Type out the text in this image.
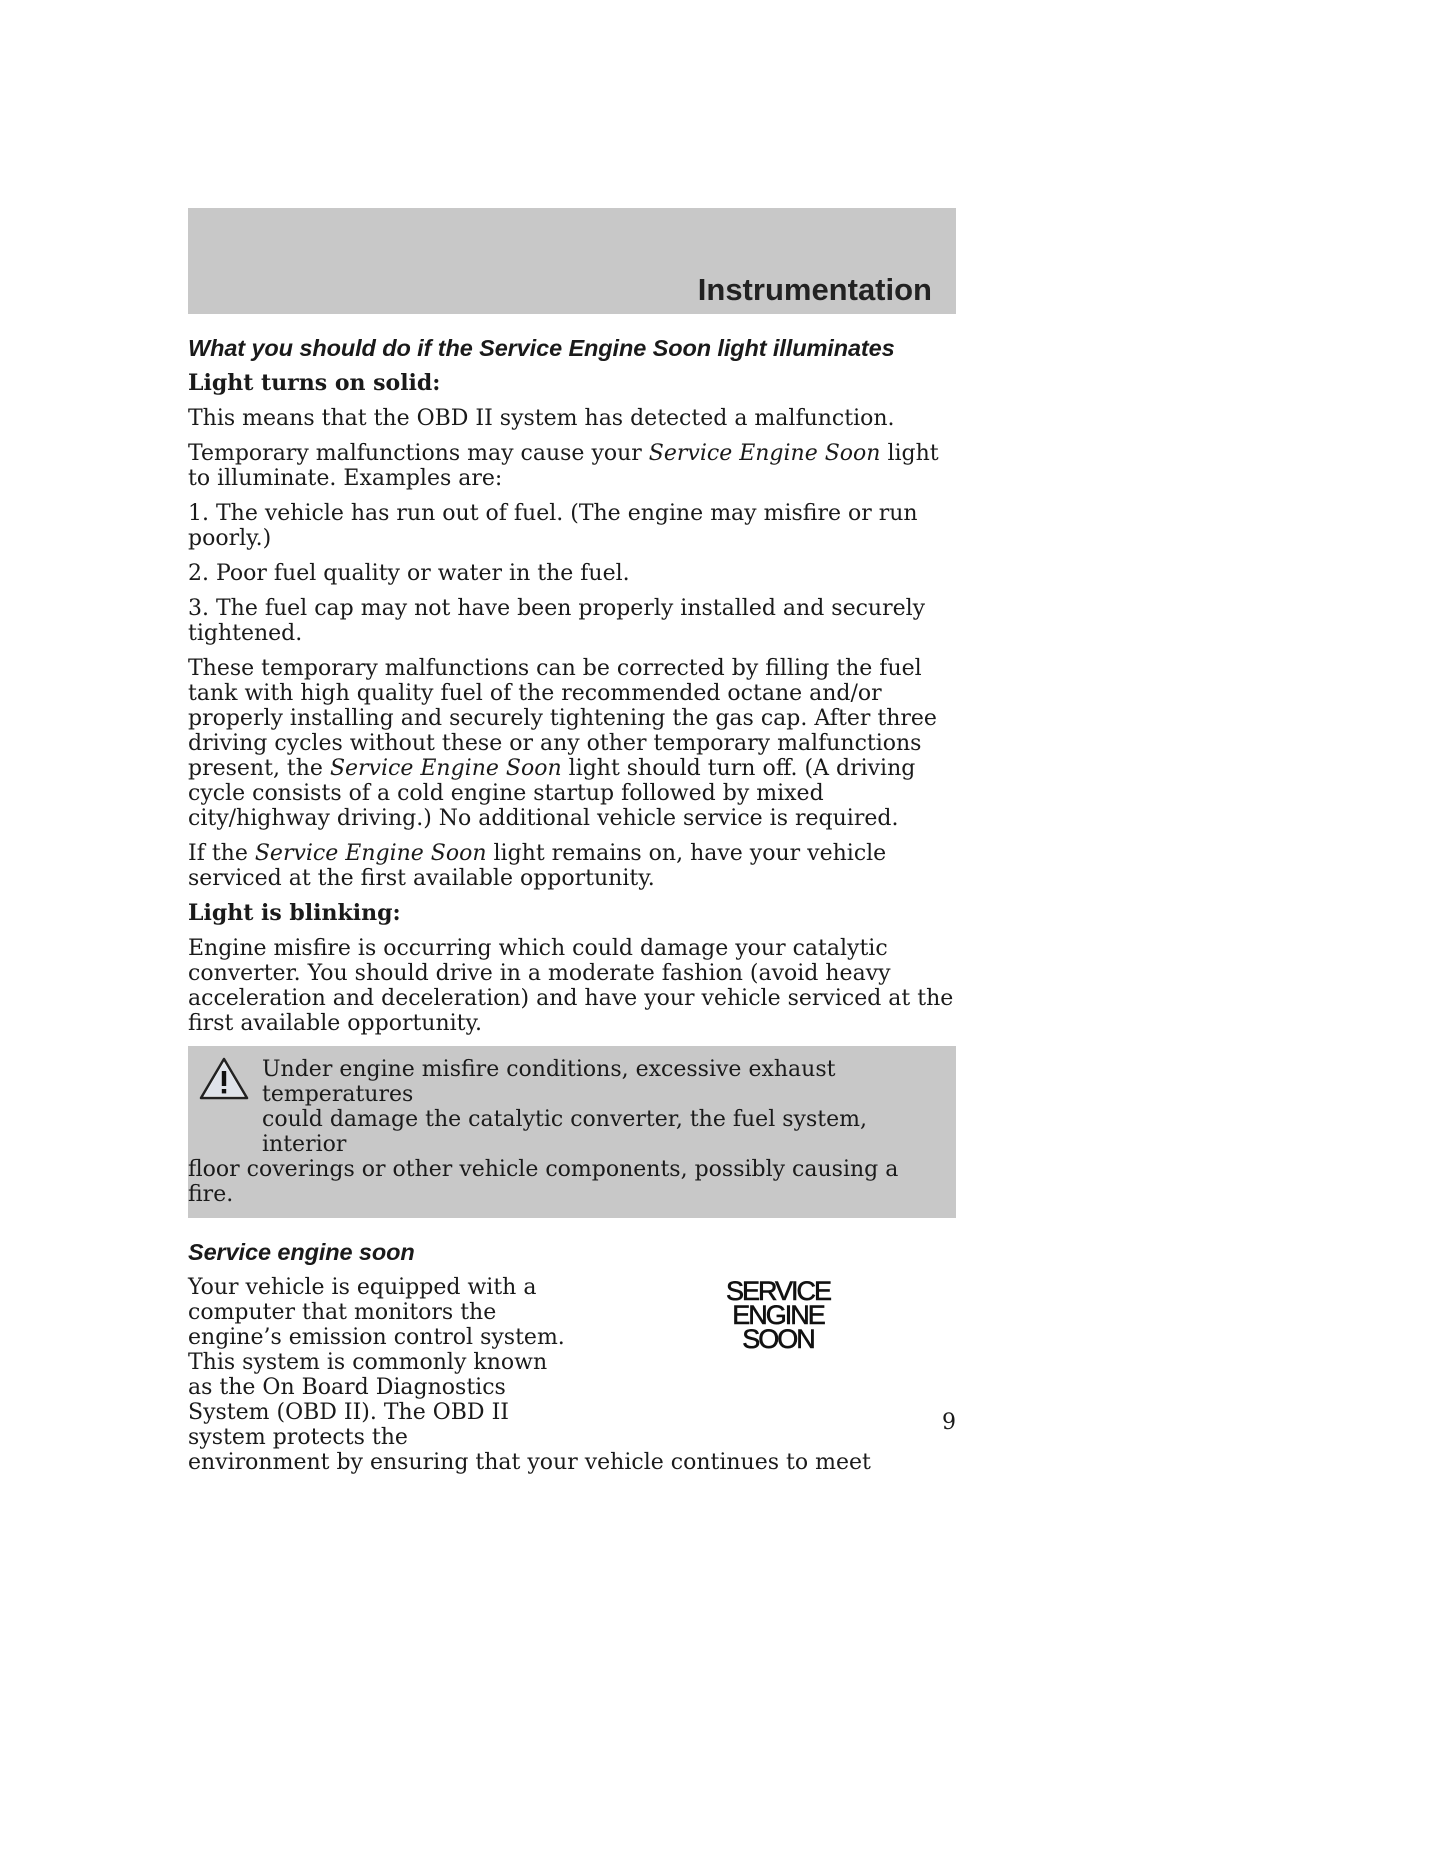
Instrumentation
What you should do if the Service Engine Soon light illuminates

Light turns on solid:

This means that the OBD II system has detected a malfunction.

Temporary malfunctions may cause your Service Engine Soon light to illuminate. Examples are:

1. The vehicle has run out of fuel. (The engine may misfire or run poorly.)

2. Poor fuel quality or water in the fuel.

3. The fuel cap may not have been properly installed and securely tightened.

These temporary malfunctions can be corrected by filling the fuel tank with high quality fuel of the recommended octane and/or properly installing and securely tightening the gas cap. After three driving cycles without these or any other temporary malfunctions present, the Service Engine Soon light should turn off. (A driving cycle consists of a cold engine startup followed by mixed city/highway driving.) No additional vehicle service is required.

If the Service Engine Soon light remains on, have your vehicle serviced at the first available opportunity.

Light is blinking:

Engine misfire is occurring which could damage your catalytic converter. You should drive in a moderate fashion (avoid heavy acceleration and deceleration) and have your vehicle serviced at the first available opportunity.

Under engine misfire conditions, excessive exhaust temperatures
could damage the catalytic converter, the fuel system, interior
floor coverings or other vehicle components, possibly causing a fire.
Service engine soon
Your vehicle is equipped with a computer that monitors the engine’s emission control system. This system is commonly known as the On Board Diagnostics System (OBD II). The OBD II system protects the
environment by ensuring that your vehicle continues to meet
SERVICE
ENGINE
SOON
9
